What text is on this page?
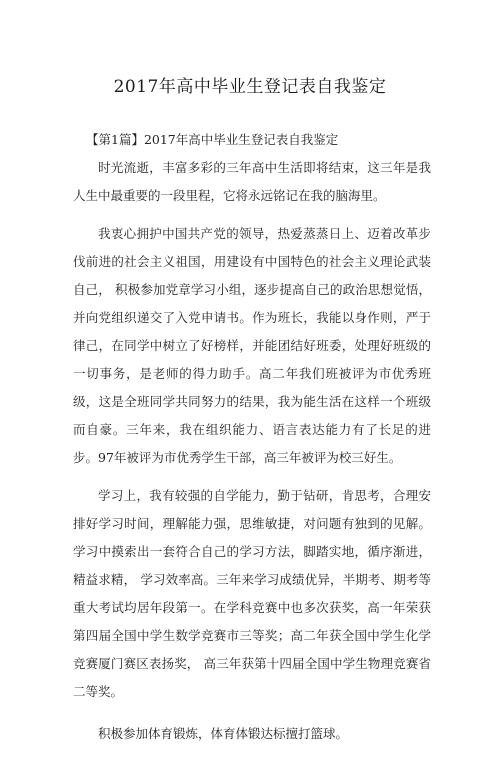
2017年高中毕业生登记表自我鉴定

【第1篇】2017年高中毕业生登记表自我鉴定

时光流逝，丰富多彩的三年高中生活即将结束，这三年是我人生中最重要的一段里程，它将永远铭记在我的脑海里。

我衷心拥护中国共产党的领导，热爱蒸蒸日上、迈着改革步伐前进的社会主义祖国，用建设有中国特色的社会主义理论武装自己， 积极参加党章学习小组，逐步提高自己的政治思想觉悟，并向党组织递交了入党申请书。作为班长，我能以身作则，严于律己，在同学中树立了好榜样，并能团结好班委，处理好班级的一切事务，是老师的得力助手。高二年我们班被评为市优秀班级，这是全班同学共同努力的结果，我为能生活在这样一个班级而自豪。三年来，我在组织能力、语言表达能力有了长足的进步。97年被评为市优秀学生干部，高三年被评为校三好生。

学习上，我有较强的自学能力，勤于钻研，肯思考，合理安排好学习时间，理解能力强，思维敏捷，对问题有独到的见解。学习中摸索出一套符合自己的学习方法，脚踏实地，循序渐进，精益求精， 学习效率高。三年来学习成绩优异，半期考、期考等重大考试均居年段第一。在学科竞赛中也多次获奖，高一年荣获第四届全国中学生数学竞赛市三等奖；高二年获全国中学生化学竞赛厦门赛区表扬奖， 高三年获第十四届全国中学生物理竞赛省二等奖。

积极参加体育锻炼，体育体锻达标擅打篮球。
